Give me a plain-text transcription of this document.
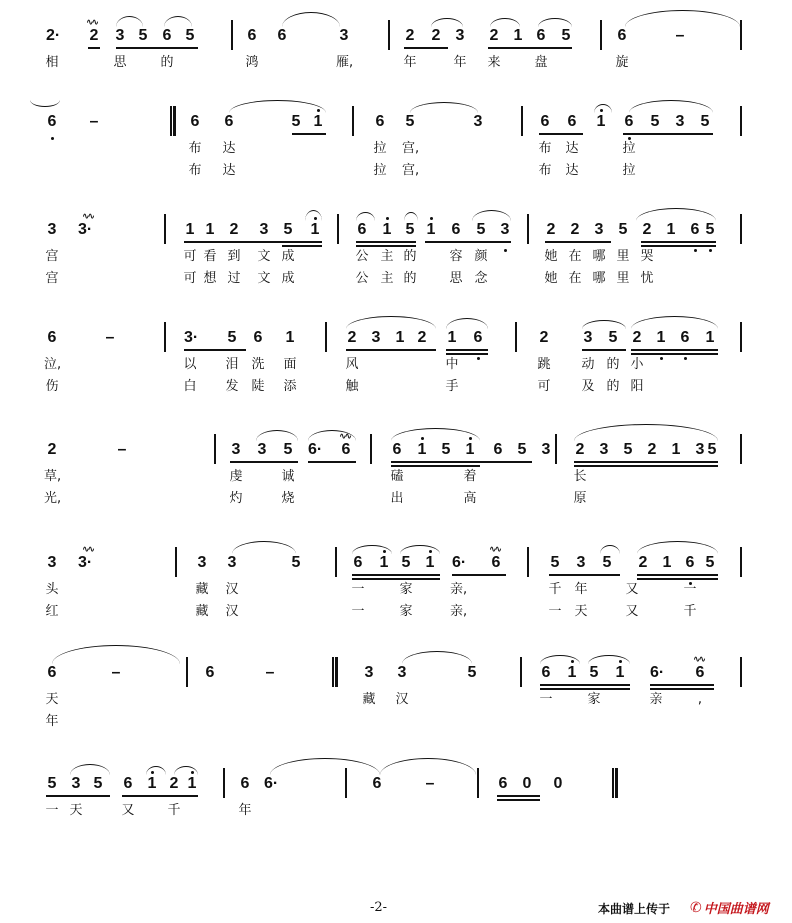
2· 2 3 5 6 5	6 6	3	2 2 3 2 1 6 5	6	–
∿∿
相	思	的	鸿	雁,	年	年 来	盘	旋
6 –	6 6	5 1	6 5	3	6 6 1 6 5 3 5
布 达	拉 宫,	布 达	拉
布 达	拉 宫,	布 达	拉
3 3·	1 1 2 3 5 1 6 1 5 1 6 5 3 2 2 3 5 2 1 6 5
∿∿
宫	可 看 到 文 成	公 主 的	容 颜	她 在 哪 里 哭
宫	可 想 过 文 成	公 主 的	思 念	她 在 哪 里 忧
6	–	3· 5 6 1	2 3 1 2 1 6	2 3 5 2 1 6 1
泣,	以 泪 洗 面	风	中	跳 动 的 小
伤	白 发 陡 添	触	手	可 及 的 阳
2	–	3 3 5 6· 6	6 1 5 1 6 5 3 2 3 5 2 1 3 5
∿∿
草,	虔	诚	磕	着	长
光,	灼	烧	出	高	原
3 3·	3 3	5	6 1 5 1 6· 6	5 3 5 2 1 6 5
∿∿	∿∿
头	藏 汉	一	家	亲,	千 年	又	一
红	藏 汉	一	家	亲,	一 天	又	千
6	–	6	–	3 3	5	6 1 5 1 6· 6
∿∿
天	藏 汉	一	家	亲	,
年
5 3 5 6 1 2 1	6 6·	6	–	6 0 0
一 天	又	千	年
-2-	本曲谱上传于 ✆ 中国曲谱网
